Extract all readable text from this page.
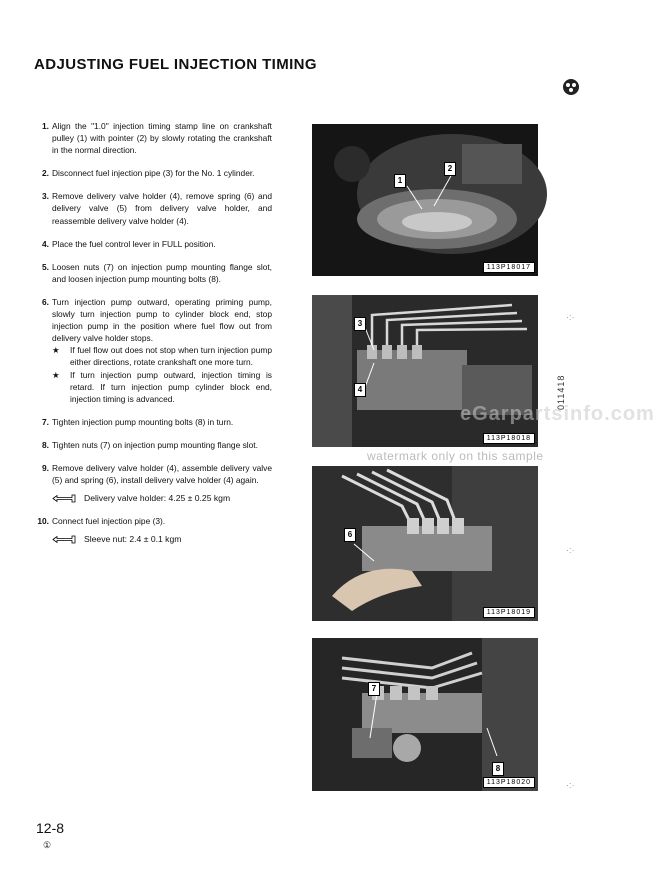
ADJUSTING FUEL INJECTION TIMING
1. Align the "1.0" injection timing stamp line on crankshaft pulley (1) with pointer (2) by slowly rotating the crankshaft in the normal direction.
2. Disconnect fuel injection pipe (3) for the No. 1 cylinder.
3. Remove delivery valve holder (4), remove spring (6) and delivery valve (5) from delivery valve holder, and reassemble delivery valve holder (4).
4. Place the fuel control lever in FULL position.
5. Loosen nuts (7) on injection pump mounting flange slot, and loosen injection pump mounting bolts (8).
6. Turn injection pump outward, operating priming pump, slowly turn injection pump to cylinder block end, stop injection pump in the position where fuel flow out from delivery valve holder stops.
★ If fuel flow out does not stop when turn injection pump either directions, rotate crankshaft one more turn.
★ If turn injection pump outward, injection timing is retard. If turn injection pump cylinder block end, injection timing is advanced.
7. Tighten injection pump mounting bolts (8) in turn.
8. Tighten nuts (7) on injection pump mounting flange slot.
9. Remove delivery valve holder (4), assemble delivery valve (5) and spring (6), install delivery valve holder (4) again.
Delivery valve holder: 4.25 ± 0.25 kgm
10. Connect fuel injection pipe (3).
Sleeve nut: 2.4 ± 0.1 kgm
1
2
113P18017
3
4
113P18018
6
113P18019
7
8
113P18020
011418
eGarpartsinfo.com
watermark only on this sample
·:·
·:·
·:·

12-8

①
